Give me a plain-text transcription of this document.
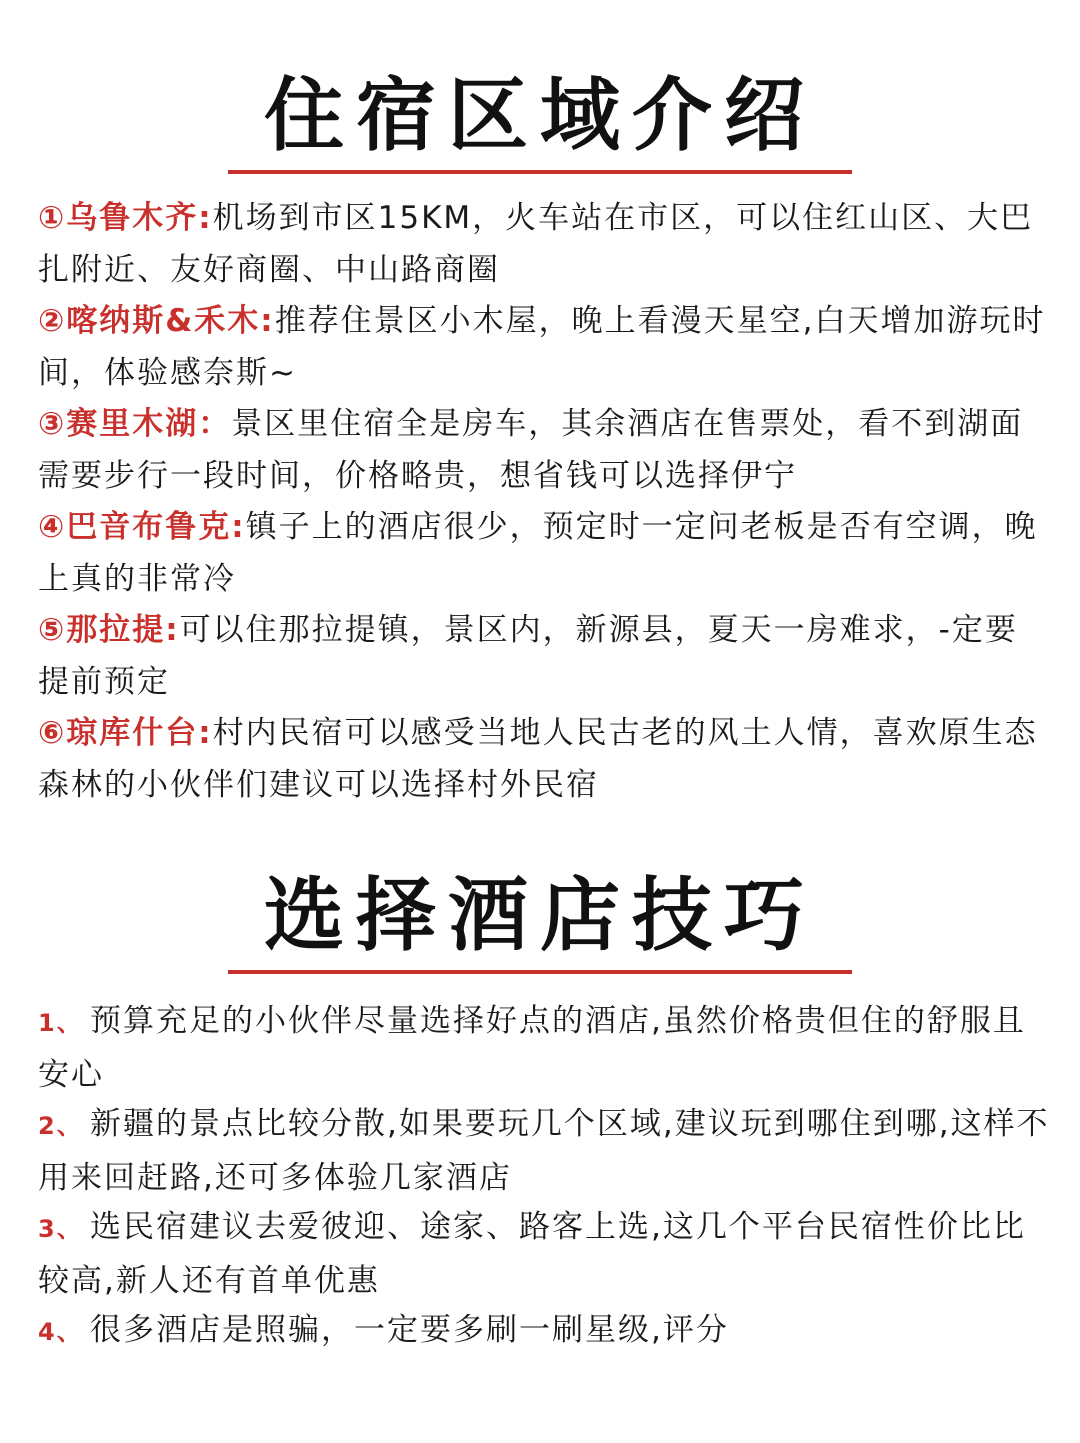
住宿区域介绍

①乌鲁木齐:机场到市区15KM，火车站在市区，可以住红山区、大巴扎附近、友好商圈、中山路商圈

②喀纳斯&禾木:推荐住景区小木屋，晚上看漫天星空,白天增加游玩时间，体验感奈斯~

③赛里木湖：景区里住宿全是房车，其余酒店在售票处，看不到湖面需要步行一段时间，价格略贵，想省钱可以选择伊宁

④巴音布鲁克:镇子上的酒店很少，预定时一定问老板是否有空调，晚上真的非常冷

⑤那拉提:可以住那拉提镇，景区内，新源县，夏天一房难求，-定要提前预定

⑥琼库什台:村内民宿可以感受当地人民古老的风土人情，喜欢原生态森林的小伙伴们建议可以选择村外民宿

选择酒店技巧

1、 预算充足的小伙伴尽量选择好点的酒店,虽然价格贵但住的舒服且安心

2、 新疆的景点比较分散,如果要玩几个区域,建议玩到哪住到哪,这样不用来回赶路,还可多体验几家酒店

3、 选民宿建议去爱彼迎、途家、路客上选,这几个平台民宿性价比比较高,新人还有首单优惠

4、 很多酒店是照骗，一定要多刷一刷星级,评分
